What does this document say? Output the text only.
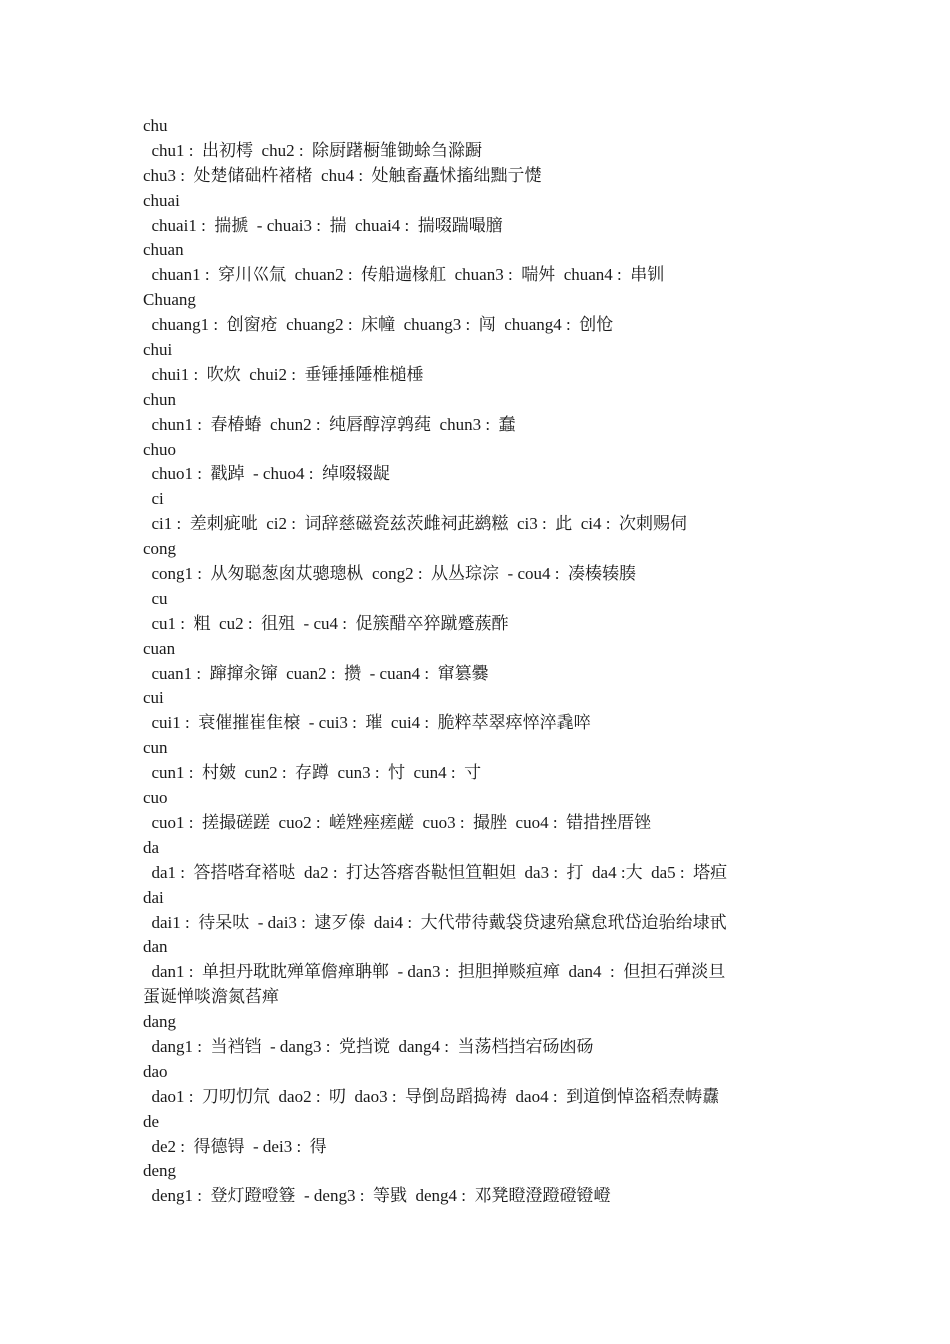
chu
chu1 :  出初樗  chu2 :  除厨躇橱雏锄蜍刍滁蹰
chu3 :  处楚储础杵褚楮  chu4 :  处触畜矗怵搐绌黜亍憷
chuai
chuai1 :  揣搋  - chuai3 :  揣  chuai4 :  揣啜踹嘬膪
chuan
chuan1 :  穿川巛氚  chuan2 :  传船遄椽舡  chuan3 :  喘舛  chuan4 :  串钏
Chuang
chuang1 :  创窗疮  chuang2 :  床幢  chuang3 :  闯  chuang4 :  创怆
chui
chui1 :  吹炊  chui2 :  垂锤捶陲椎槌棰
chun
chun1 :  春椿蝽  chun2 :  纯唇醇淳鹑莼  chun3 :  蠢
chuo
chuo1 :  戳踔  - chuo4 :  绰啜辍龊
ci
ci1 :  差刺疵呲  ci2 :  词辞慈磁瓷兹茨雌祠茈鹚糍  ci3 :  此  ci4 :  次刺赐伺
cong
cong1 :  从匆聪葱囱苁骢璁枞  cong2 :  从丛琮淙  - cou4 :  凑楱辏腠
cu
cu1 :  粗  cu2 :  徂殂  - cu4 :  促簇醋卒猝蹴蹙蔟酢
cuan
cuan1 :  蹿撺汆镩  cuan2 :  攒  - cuan4 :  窜篡爨
cui
cui1 :  衰催摧崔隹榱  - cui3 :  璀  cui4 :  脆粹萃翠瘁悴淬毳啐
cun
cun1 :  村皴  cun2 :  存蹲  cun3 :  忖  cun4 :  寸
cuo
cuo1 :  搓撮磋蹉  cuo2 :  嵯矬痤瘥鹾  cuo3 :  撮脞  cuo4 :  错措挫厝锉
da
da1 :  答搭嗒耷褡哒  da2 :  打达答瘩沓鞑怛笪靼妲  da3 :  打  da4 :大  da5 :  塔疸
dai
dai1 :  待呆呔  - dai3 :  逮歹傣  dai4 :  大代带待戴袋贷逮殆黛怠玳岱迨骀绐埭甙
dan
dan1 :  单担丹耽眈殚箪儋瘅聃郸  - dan3 :  担胆掸赕疸瘅  dan4  :  但担石弹淡旦
蛋诞惮啖澹氮萏瘅
dang
dang1 :  当裆铛  - dang3 :  党挡谠  dang4 :  当荡档挡宕砀凼砀
dao
dao1 :  刀叨忉氘  dao2 :  叨  dao3 :  导倒岛蹈捣祷  dao4 :  到道倒悼盗稻焘帱纛
de
de2 :  得德锝  - dei3 :  得
deng
deng1 :  登灯蹬噔簦  - deng3 :  等戥  deng4 :  邓凳瞪澄蹬磴镫嶝
